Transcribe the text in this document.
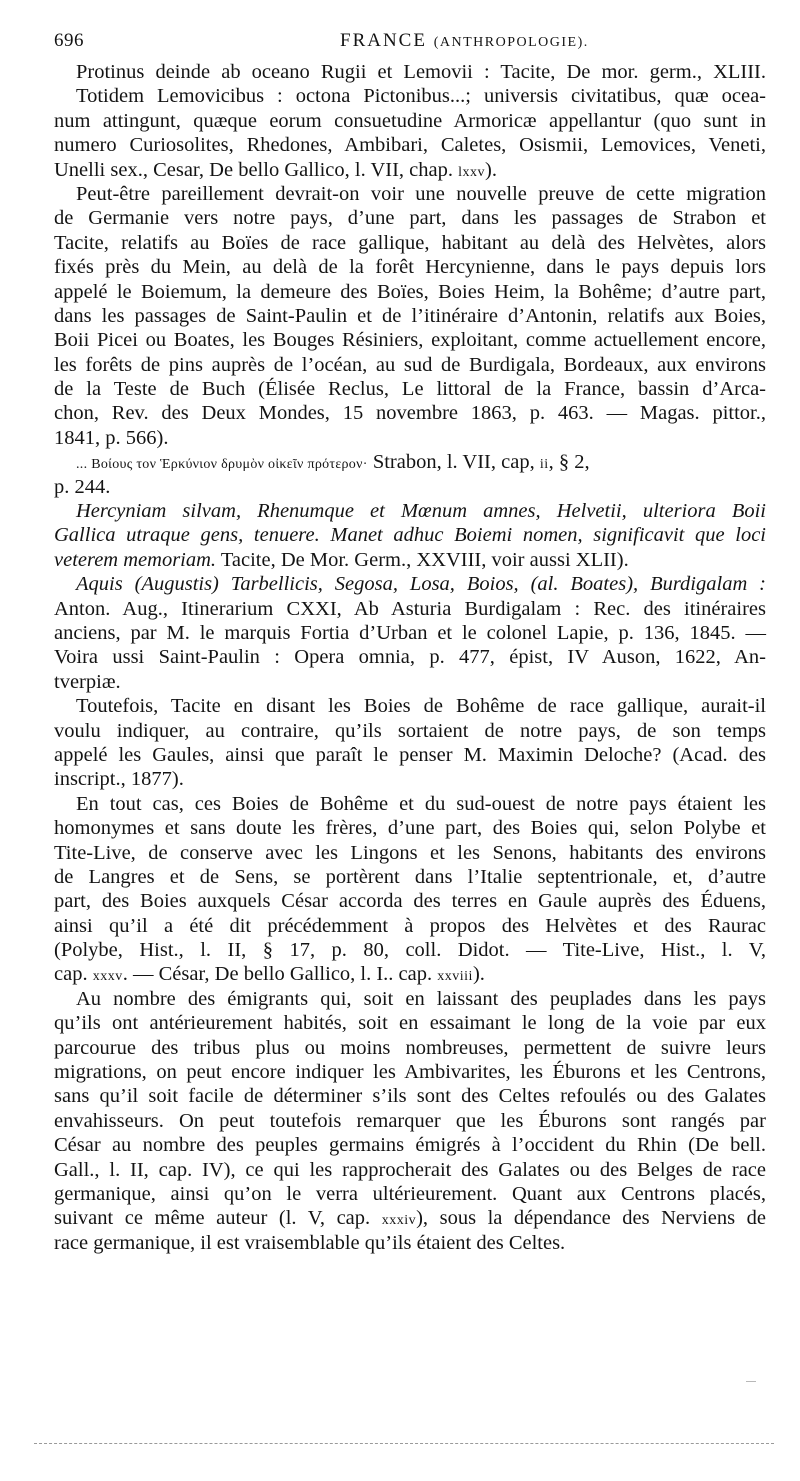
696	FRANCE (ANTHROPOLOGIE).
Protinus deinde ab oceano Rugii et Lemovii : Tacite, De mor. germ., XLIII.
Totidem Lemovicibus : octona Pictonibus...; universis civitatibus, quæ ocea-
num attingunt, quæque eorum consuetudine Armoricæ appellantur (quo sunt in
numero Curiosolites, Rhedones, Ambibari, Caletes, Osismii, Lemovices, Veneti,
Unelli sex., Cesar, De bello Gallico, l. VII, chap. lxxv).
Peut-être pareillement devrait-on voir une nouvelle preuve de cette migration
de Germanie vers notre pays, d’une part, dans les passages de Strabon et
Tacite, relatifs au Boïes de race gallique, habitant au delà des Helvètes, alors
fixés près du Mein, au delà de la forêt Hercynienne, dans le pays depuis lors
appelé le Boiemum, la demeure des Boïes, Boies Heim, la Bohême; d’autre part,
dans les passages de Saint-Paulin et de l’itinéraire d’Antonin, relatifs aux Boies,
Boii Picei ou Boates, les Bouges Résiniers, exploitant, comme actuellement encore,
les forêts de pins auprès de l’océan, au sud de Burdigala, Bordeaux, aux environs
de la Teste de Buch (Élisée Reclus, Le littoral de la France, bassin d’Arca-
chon, Rev. des Deux Mondes, 15 novembre 1863, p. 463. — Magas. pittor.,
1841, p. 566).
... Βοίους τον Ἑρκύνιον δρυμὸν οἰκεῖν πρότερον· Strabon, l. VII, cap, ii, § 2,
p. 244.
Hercyniam silvam, Rhenumque et Mœnum amnes, Helvetii, ulteriora Boii
Gallica utraque gens, tenuere. Manet adhuc Boiemi nomen, significavit que loci
veterem memoriam. Tacite, De Mor. Germ., XXVIII, voir aussi XLII).
Aquis (Augustis) Tarbellicis, Segosa, Losa, Boios, (al. Boates), Burdigalam :
Anton. Aug., Itinerarium CXXI, Ab Asturia Burdigalam : Rec. des itinéraires
anciens, par M. le marquis Fortia d’Urban et le colonel Lapie, p. 136, 1845. —
Voira ussi Saint-Paulin : Opera omnia, p. 477, épist, IV Auson, 1622, An-
tverpiæ.
Toutefois, Tacite en disant les Boies de Bohême de race gallique, aurait-il
voulu indiquer, au contraire, qu’ils sortaient de notre pays, de son temps
appelé les Gaules, ainsi que paraît le penser M. Maximin Deloche? (Acad. des
inscript., 1877).
En tout cas, ces Boies de Bohême et du sud-ouest de notre pays étaient les
homonymes et sans doute les frères, d’une part, des Boies qui, selon Polybe et
Tite-Live, de conserve avec les Lingons et les Senons, habitants des environs
de Langres et de Sens, se portèrent dans l’Italie septentrionale, et, d’autre
part, des Boies auxquels César accorda des terres en Gaule auprès des Éduens,
ainsi qu’il a été dit précédemment à propos des Helvètes et des Raurac
(Polybe, Hist., l. II, § 17, p. 80, coll. Didot. — Tite-Live, Hist., l. V,
cap. xxxv. — César, De bello Gallico, l. I.. cap. xxviii).
Au nombre des émigrants qui, soit en laissant des peuplades dans les pays
qu’ils ont antérieurement habités, soit en essaimant le long de la voie par eux
parcourue des tribus plus ou moins nombreuses, permettent de suivre leurs
migrations, on peut encore indiquer les Ambivarites, les Éburons et les Centrons,
sans qu’il soit facile de déterminer s’ils sont des Celtes refoulés ou des Galates
envahisseurs. On peut toutefois remarquer que les Éburons sont rangés par
César au nombre des peuples germains émigrés à l’occident du Rhin (De bell.
Gall., l. II, cap. IV), ce qui les rapprocherait des Galates ou des Belges de race
germanique, ainsi qu’on le verra ultérieurement. Quant aux Centrons placés,
suivant ce même auteur (l. V, cap. xxxiv), sous la dépendance des Nerviens de
race germanique, il est vraisemblable qu’ils étaient des Celtes.
